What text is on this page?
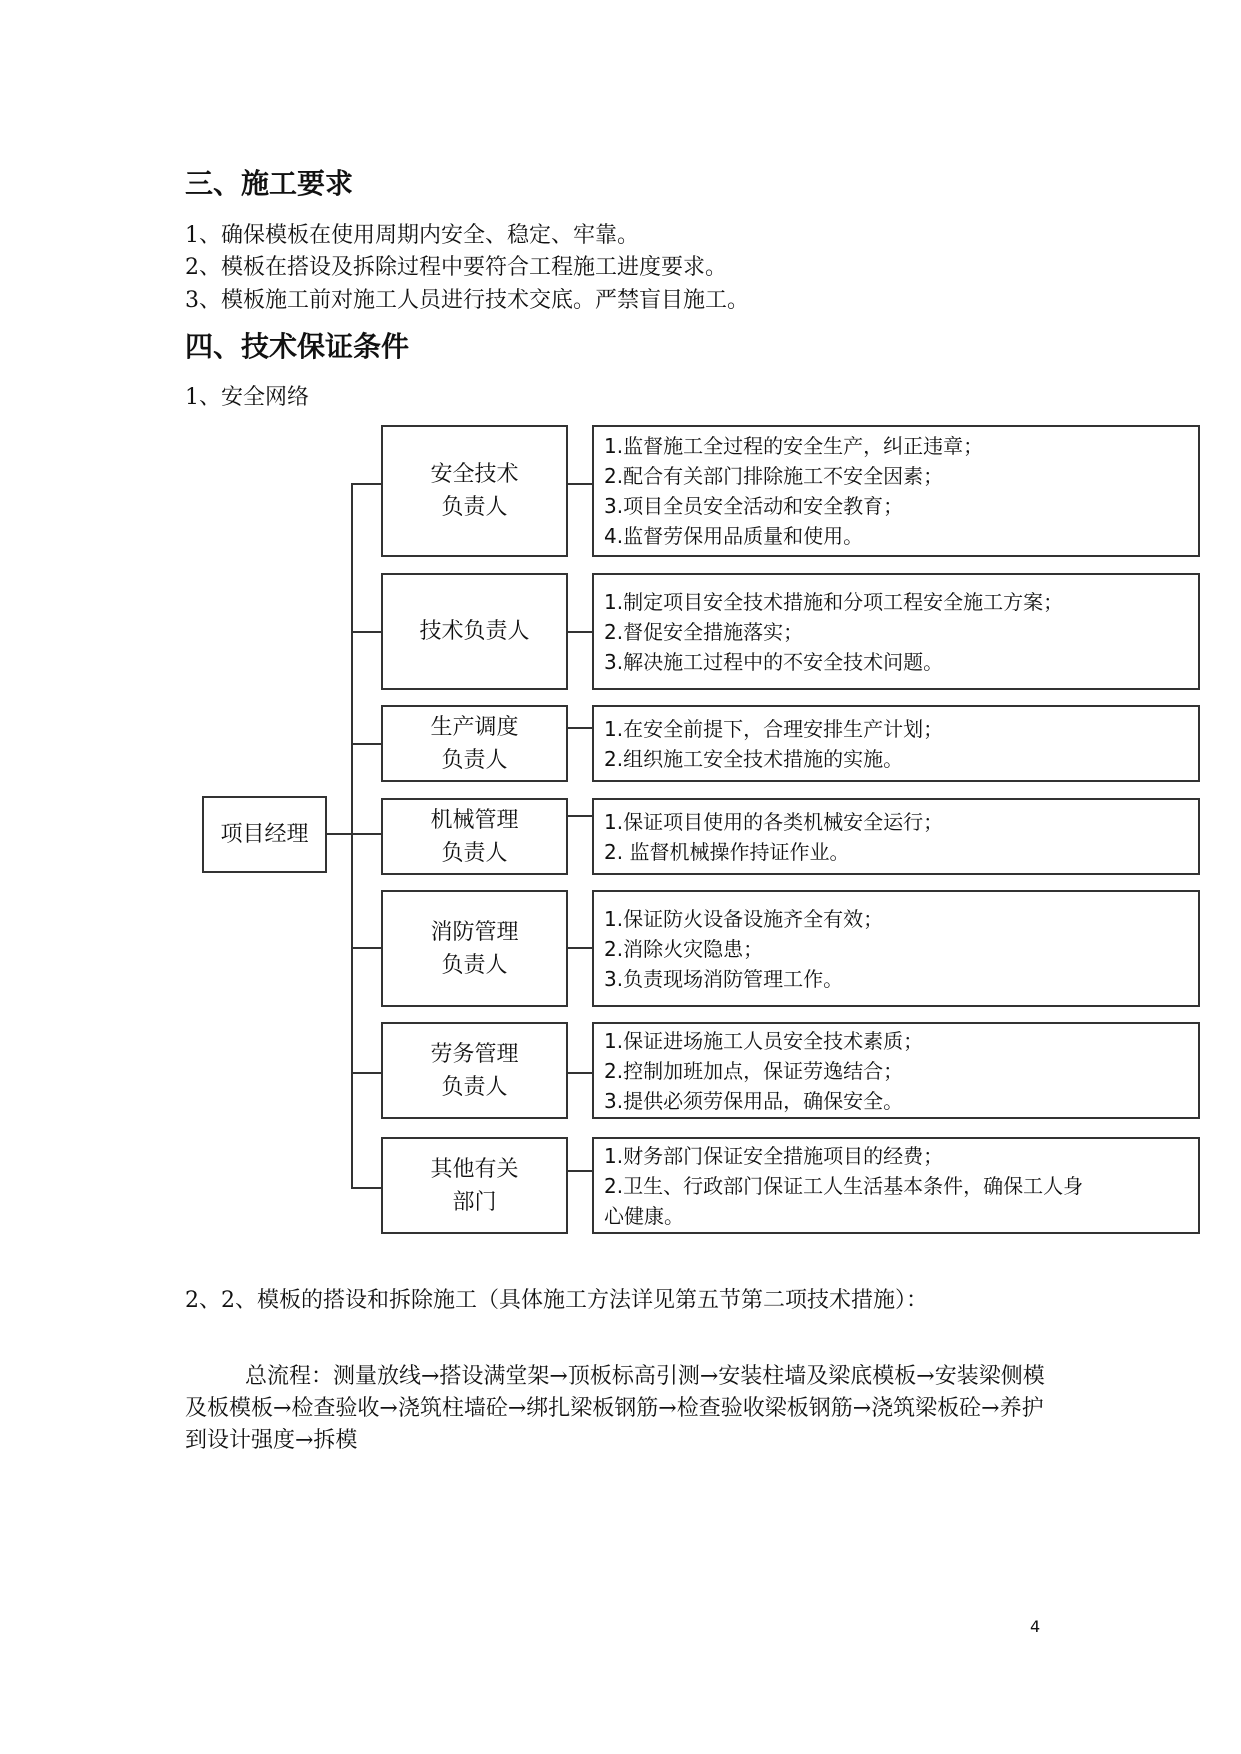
三、施工要求
1、确保模板在使用周期内安全、稳定、牢靠。
2、模板在搭设及拆除过程中要符合工程施工进度要求。
3、模板施工前对施工人员进行技术交底。严禁盲目施工。
四、技术保证条件
1、安全网络
项目经理
安全技术
负责人
1.监督施工全过程的安全生产，纠正违章；
2.配合有关部门排除施工不安全因素；
3.项目全员安全活动和安全教育；
4.监督劳保用品质量和使用。
技术负责人
1.制定项目安全技术措施和分项工程安全施工方案；
2.督促安全措施落实；
3.解决施工过程中的不安全技术问题。
生产调度
负责人
1.在安全前提下，合理安排生产计划；
2.组织施工安全技术措施的实施。
机械管理
负责人
1.保证项目使用的各类机械安全运行；
2. 监督机械操作持证作业。
消防管理
负责人
1.保证防火设备设施齐全有效；
2.消除火灾隐患；
3.负责现场消防管理工作。
劳务管理
负责人
1.保证进场施工人员安全技术素质；
2.控制加班加点，保证劳逸结合；
3.提供必须劳保用品，确保安全。
其他有关
部门
1.财务部门保证安全措施项目的经费；
2.卫生、行政部门保证工人生活基本条件，确保工人身
心健康。
2、2、模板的搭设和拆除施工（具体施工方法详见第五节第二项技术措施）：
总流程：测量放线→搭设满堂架→顶板标高引测→安装柱墙及梁底模板→安装梁侧模及板模板→检查验收→浇筑柱墙砼→绑扎梁板钢筋→检查验收梁板钢筋→浇筑梁板砼→养护到设计强度→拆模
4
